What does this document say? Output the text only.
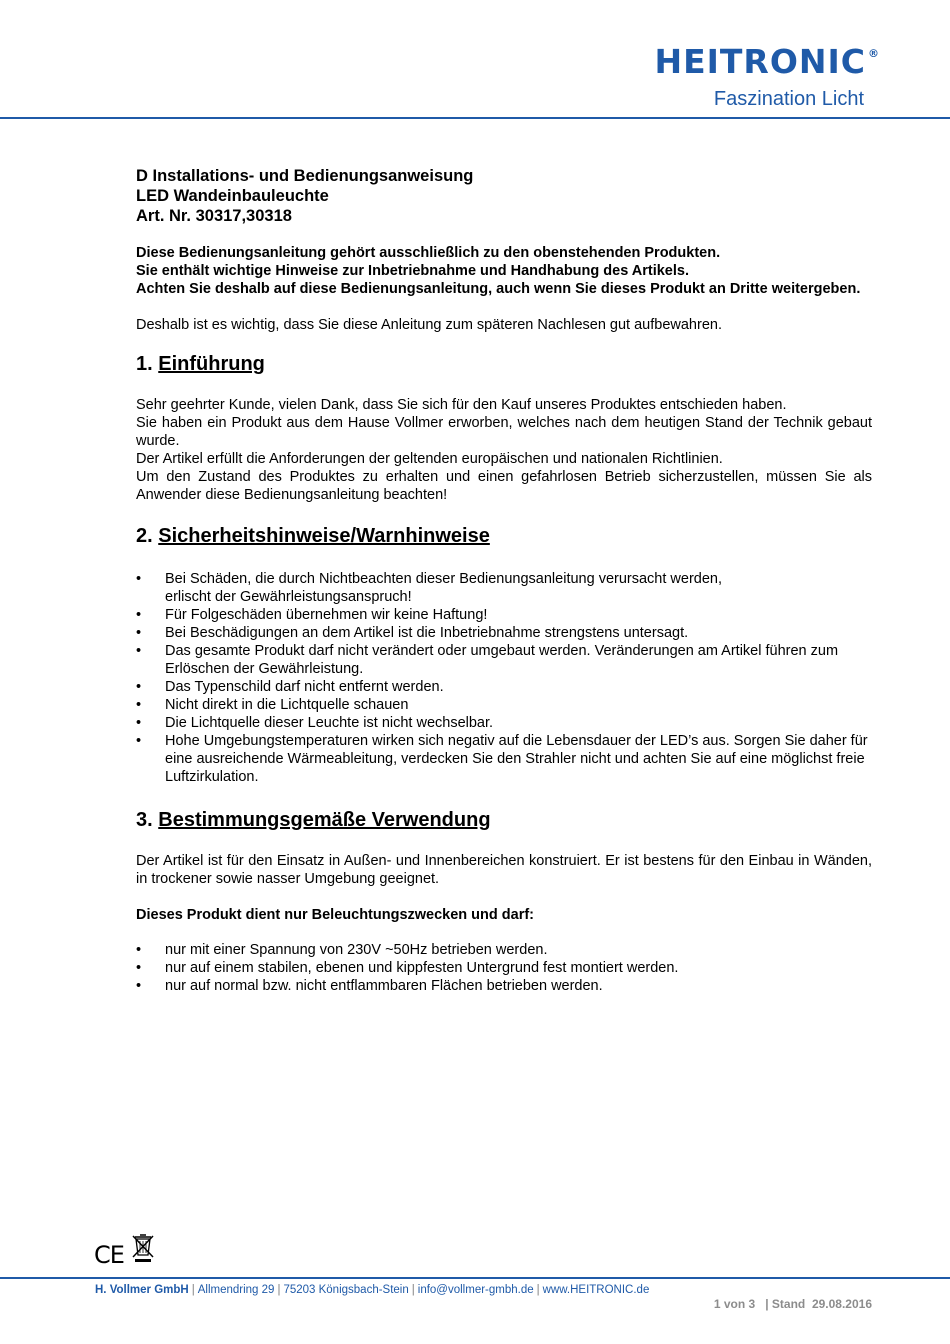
HEITRONIC ®
Faszination Licht
D Installations- und Bedienungsanweisung
LED Wandeinbauleuchte
Art. Nr. 30317,30318

Diese Bedienungsanleitung gehört ausschließlich zu den obenstehenden Produkten.

Sie enthält wichtige Hinweise zur Inbetriebnahme und Handhabung des Artikels.

Achten Sie deshalb auf diese Bedienungsanleitung, auch wenn Sie dieses Produkt an Dritte weitergeben.

Deshalb ist es wichtig, dass Sie diese Anleitung zum späteren Nachlesen gut aufbewahren.

1. Einführung

Sehr geehrter Kunde, vielen Dank, dass Sie sich für den Kauf unseres Produktes entschieden haben.

Sie haben ein Produkt aus dem Hause Vollmer erworben, welches nach dem heutigen Stand der Technik gebaut wurde.

Der Artikel erfüllt die Anforderungen der geltenden europäischen und nationalen Richtlinien.

Um den Zustand des Produktes zu erhalten und einen gefahrlosen Betrieb sicherzustellen, müssen Sie als Anwender diese Bedienungsanleitung beachten!

2. Sicherheitshinweise/Warnhinweise
• Bei Schäden, die durch Nichtbeachten dieser Bedienungsanleitung verursacht werden,
erlischt der Gewährleistungsanspruch!
• Für Folgeschäden übernehmen wir keine Haftung!
• Bei Beschädigungen an dem Artikel ist die Inbetriebnahme strengstens untersagt.
• Das gesamte Produkt darf nicht verändert oder umgebaut werden. Veränderungen am Artikel führen zum Erlöschen der Gewährleistung.
• Das Typenschild darf nicht entfernt werden.
• Nicht direkt in die Lichtquelle schauen
• Die Lichtquelle dieser Leuchte ist nicht wechselbar.
• Hohe Umgebungstemperaturen wirken sich negativ auf die Lebensdauer der LED’s aus. Sorgen Sie daher für eine ausreichende Wärmeableitung, verdecken Sie den Strahler nicht und achten Sie auf eine möglichst freie Luftzirkulation.
3. Bestimmungsgemäße Verwendung

Der Artikel ist für den Einsatz in Außen- und Innenbereichen konstruiert. Er ist bestens für den Einbau in Wänden, in trockener sowie nasser Umgebung geeignet.

Dieses Produkt dient nur Beleuchtungszwecken und darf:

• nur mit einer Spannung von 230V ~50Hz betrieben werden.
• nur auf einem stabilen, ebenen und kippfesten Untergrund fest montiert werden.
• nur auf normal bzw. nicht entflammbaren Flächen betrieben werden.
CE
H. Vollmer GmbH | Allmendring 29 | 75203 Königsbach-Stein | info@vollmer-gmbh.de | www.HEITRONIC.de
1 von 3 | Stand 29.08.2016
